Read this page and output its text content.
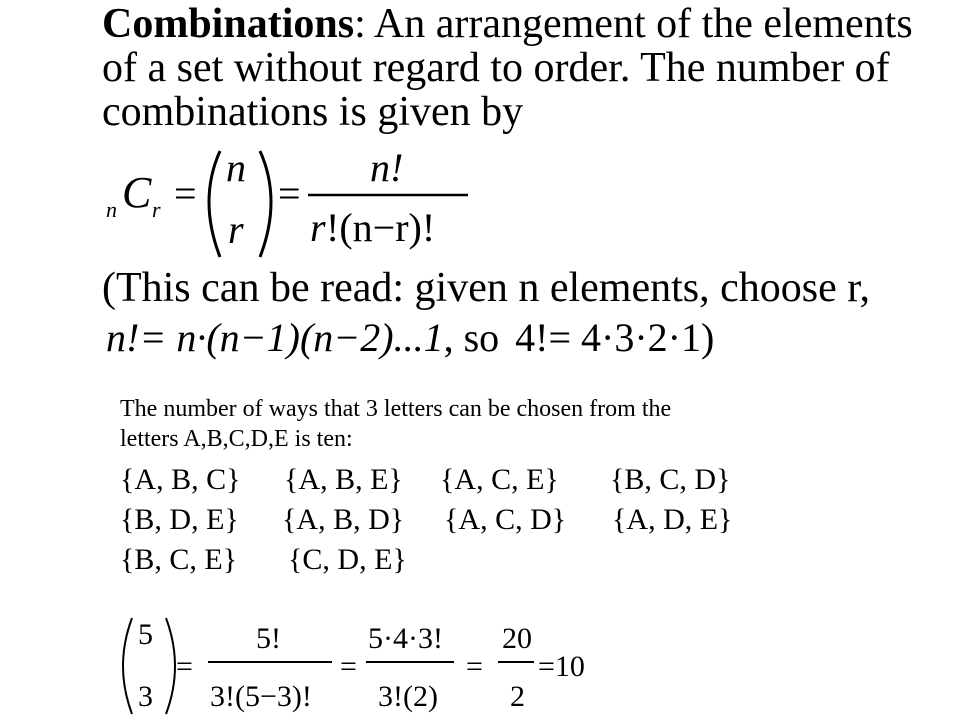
Combinations: An arrangement of the elements
of a set without regard to order. The number of
combinations is given by
n C r =
n
r
=
n!
r !(n−r)!
(This can be read: given n elements, choose r,
n!= n·(n−1)(n−2)...1, so 4!= 4·3·2·1)
The number of ways that 3 letters can be chosen from the
letters A,B,C,D,E is ten:
{A, B, C} {A, B, E} {A, C, E} {B, C, D}
{B, D, E} {A, B, D} {A, C, D} {A, D, E}
{B, C, E} {C, D, E}
5
3
=
5!
3!(5−3)!
=
5·4·3!
3!(2)
=
20
2
=10
